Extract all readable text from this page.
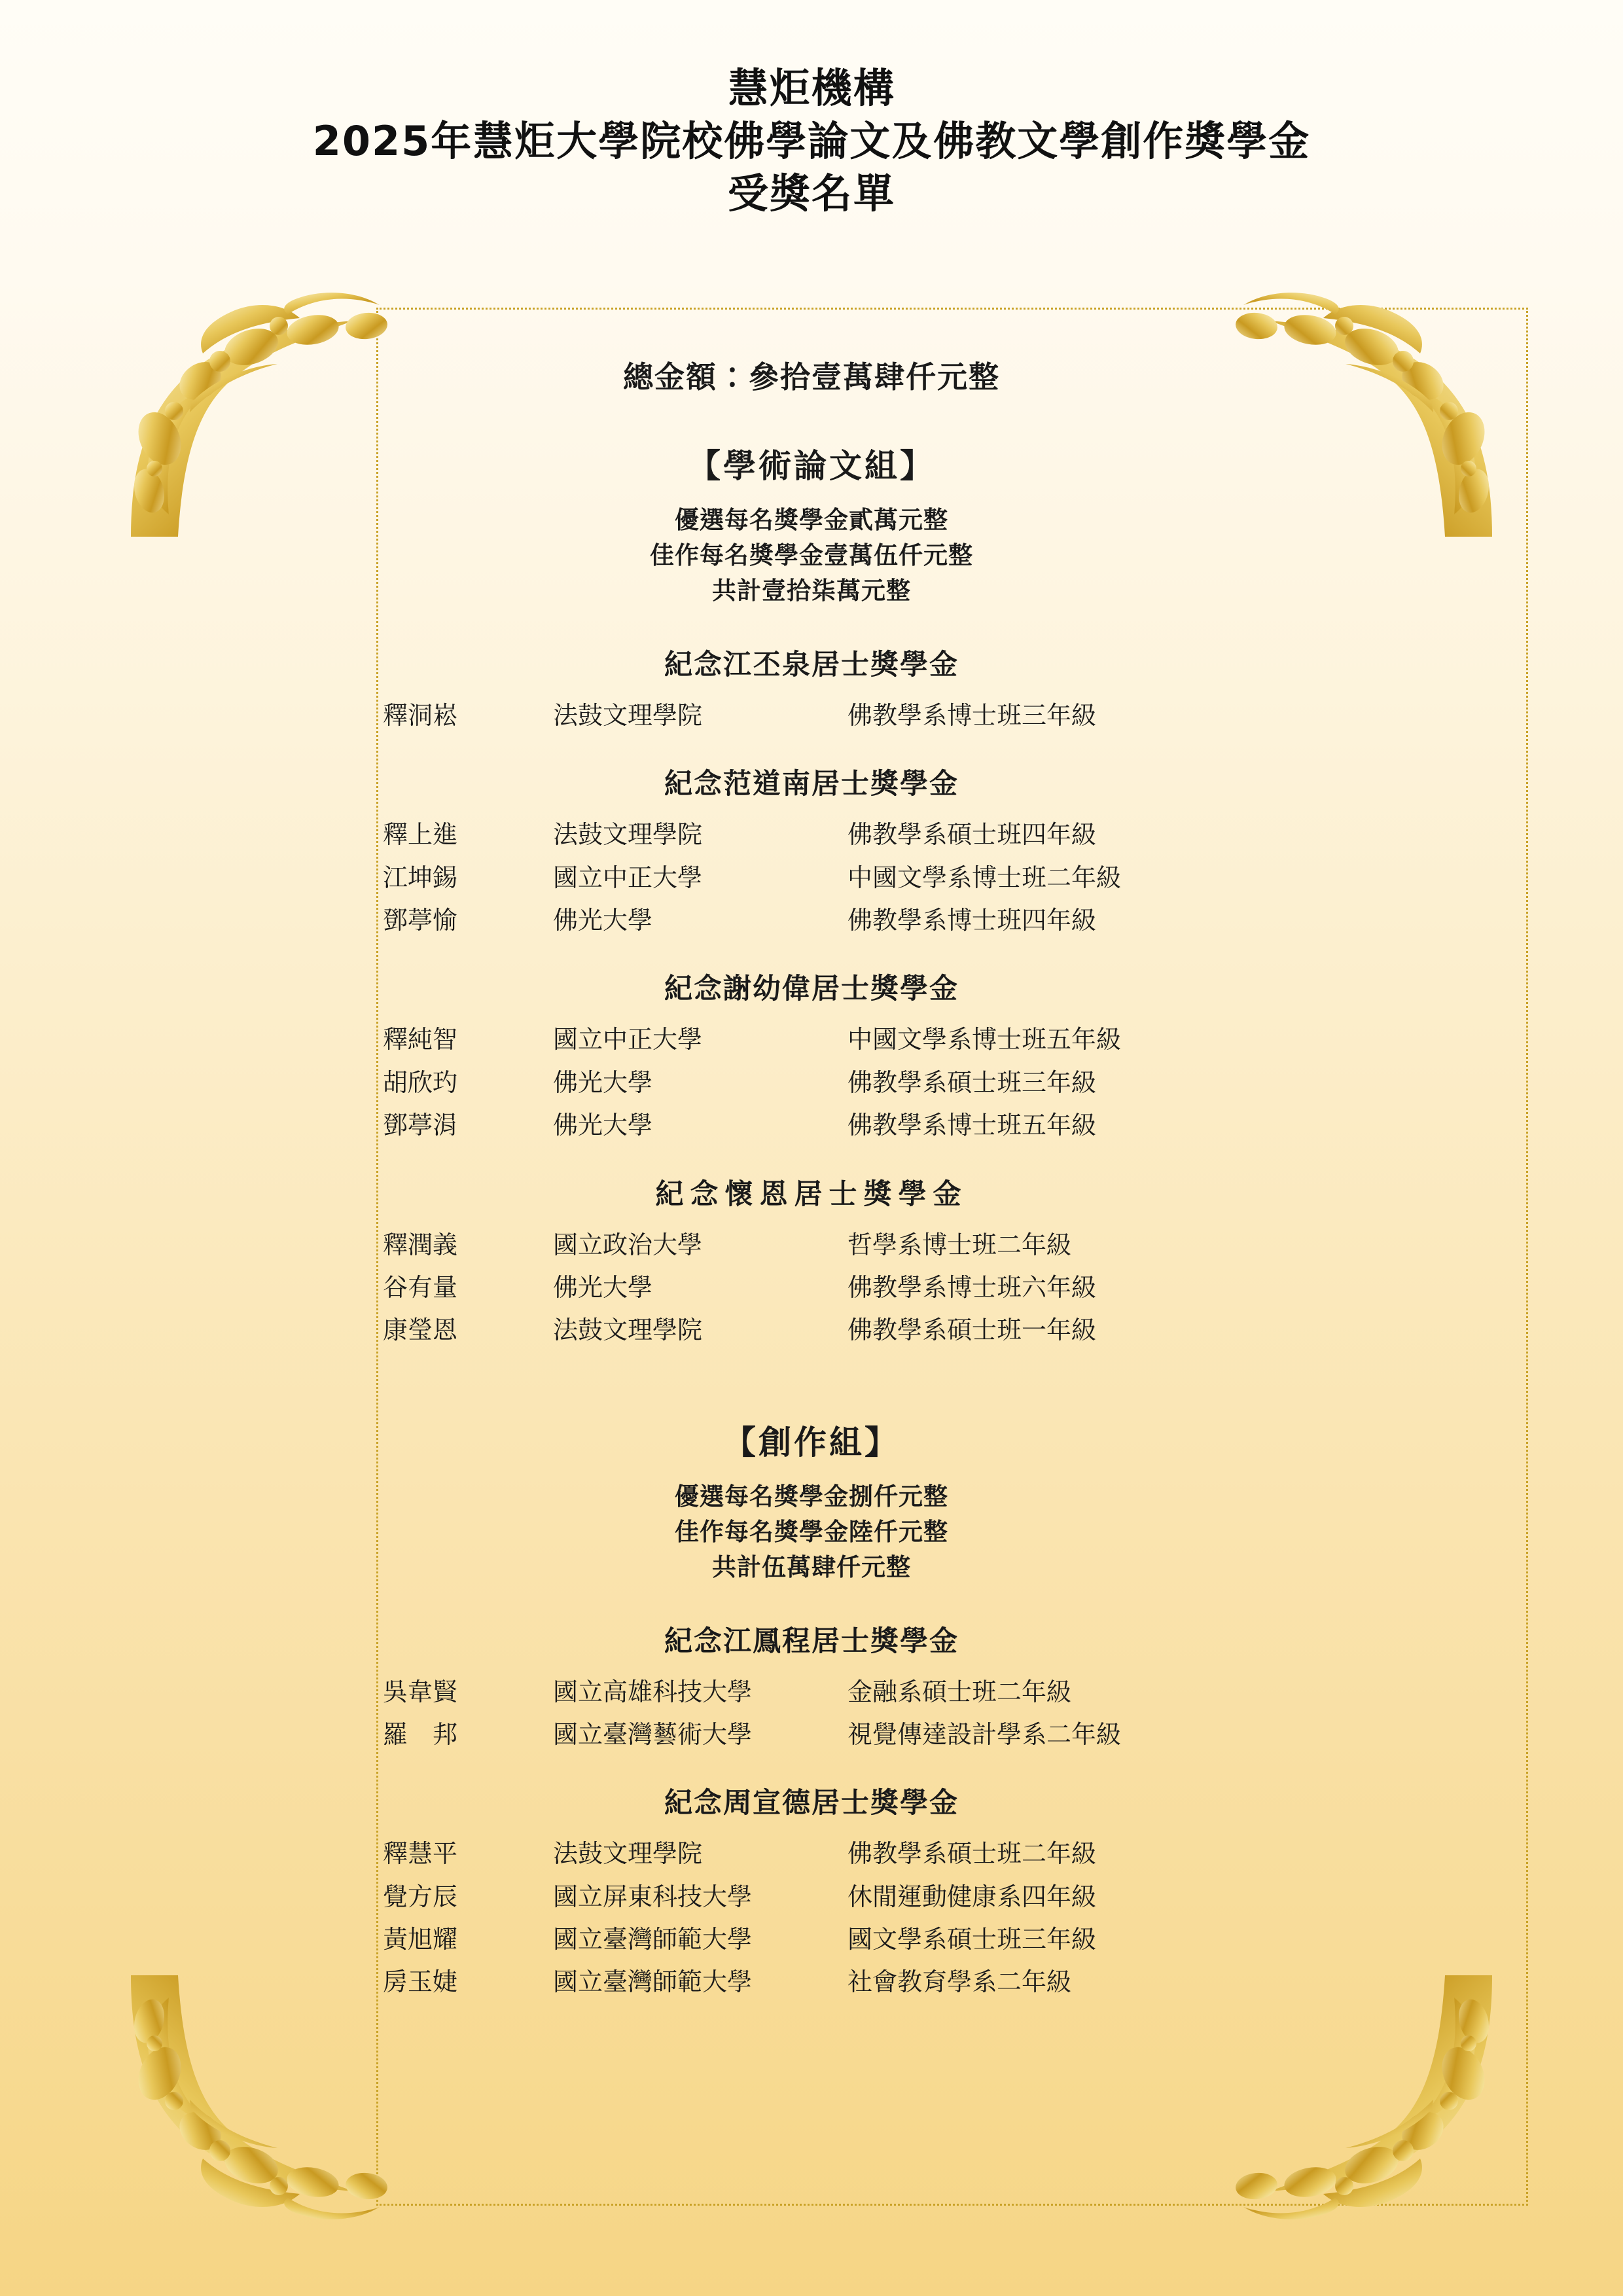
慧炬機構
2025年慧炬大學院校佛學論文及佛教文學創作獎學金
受獎名單
總金額：參拾壹萬肆仟元整
【學術論文組】
優選每名獎學金貳萬元整
佳作每名獎學金壹萬伍仟元整
共計壹拾柒萬元整
紀念江丕泉居士獎學金
釋洞崧	法鼓文理學院	佛教學系博士班三年級
紀念范道南居士獎學金
釋上進	法鼓文理學院	佛教學系碩士班四年級
江坤錫	國立中正大學	中國文學系博士班二年級
鄧葶愉	佛光大學	佛教學系博士班四年級
紀念謝幼偉居士獎學金
釋純智	國立中正大學	中國文學系博士班五年級
胡欣玓	佛光大學	佛教學系碩士班三年級
鄧葶涓	佛光大學	佛教學系博士班五年級
紀念懷恩居士獎學金
釋潤義	國立政治大學	哲學系博士班二年級
谷有量	佛光大學	佛教學系博士班六年級
康瑩恩	法鼓文理學院	佛教學系碩士班一年級
【創作組】
優選每名獎學金捌仟元整
佳作每名獎學金陸仟元整
共計伍萬肆仟元整
紀念江鳳程居士獎學金
吳韋賢	國立高雄科技大學	金融系碩士班二年級
羅　邦	國立臺灣藝術大學	視覺傳達設計學系二年級
紀念周宣德居士獎學金
釋慧平	法鼓文理學院	佛教學系碩士班二年級
覺方辰	國立屏東科技大學	休閒運動健康系四年級
黃旭耀	國立臺灣師範大學	國文學系碩士班三年級
房玉婕	國立臺灣師範大學	社會教育學系二年級
